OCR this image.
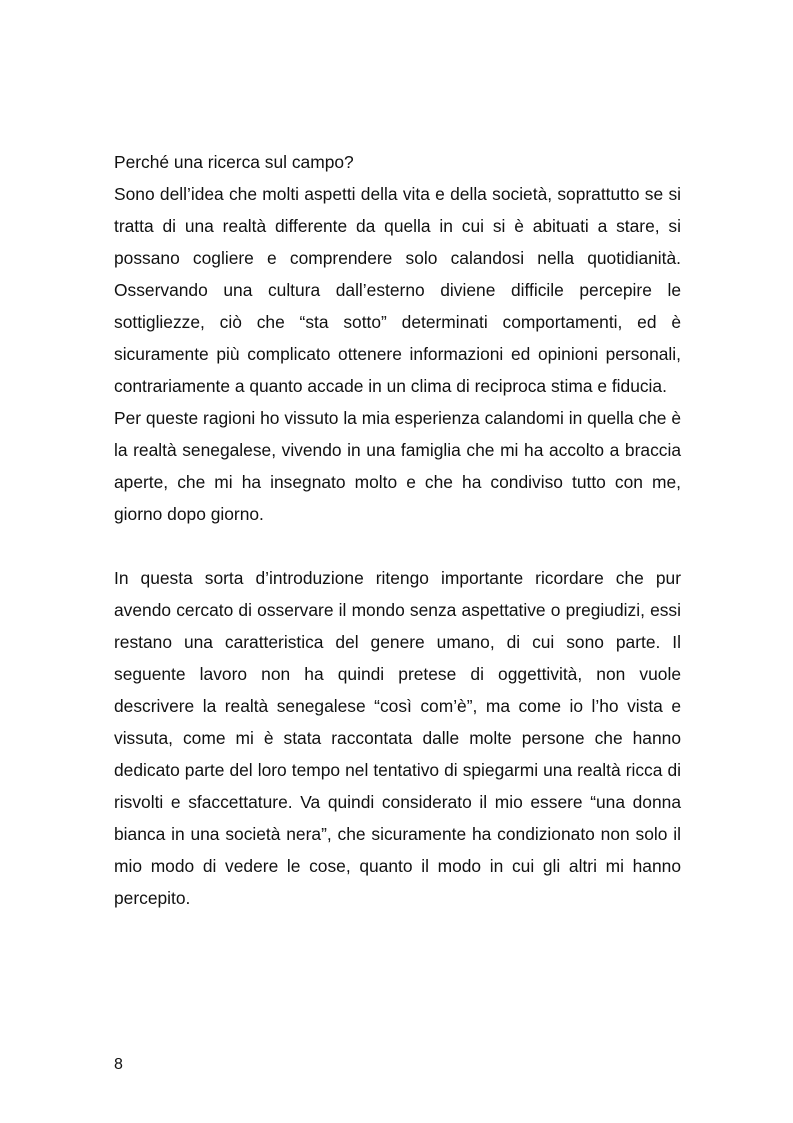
Perché una ricerca sul campo?

Sono dell’idea che molti aspetti della vita e della società, soprattutto se si tratta di una realtà differente da quella in cui si è abituati a stare, si possano cogliere e comprendere solo calandosi nella quotidianità. Osservando una cultura dall’esterno diviene difficile percepire le sottigliezze, ciò che “sta sotto” determinati comportamenti, ed è sicuramente più complicato ottenere informazioni ed opinioni personali, contrariamente a quanto accade in un clima di reciproca stima e fiducia.

Per queste ragioni ho vissuto la mia esperienza calandomi in quella che è la realtà senegalese, vivendo in una famiglia che mi ha accolto a braccia aperte, che mi ha insegnato molto e che ha condiviso tutto con me, giorno dopo giorno.

In questa sorta d’introduzione ritengo importante ricordare che pur avendo cercato di osservare il mondo senza aspettative o pregiudizi, essi restano una caratteristica del genere umano, di cui sono parte. Il seguente lavoro non ha quindi pretese di oggettività, non vuole descrivere la realtà senegalese “così com’è”, ma come io l’ho vista e vissuta, come mi è stata raccontata dalle molte persone che hanno dedicato parte del loro tempo nel tentativo di spiegarmi una realtà ricca di risvolti e sfaccettature. Va quindi considerato il mio essere “una donna bianca in una società nera”, che sicuramente ha condizionato non solo il mio modo di vedere le cose, quanto il modo in cui gli altri mi hanno percepito.

8
